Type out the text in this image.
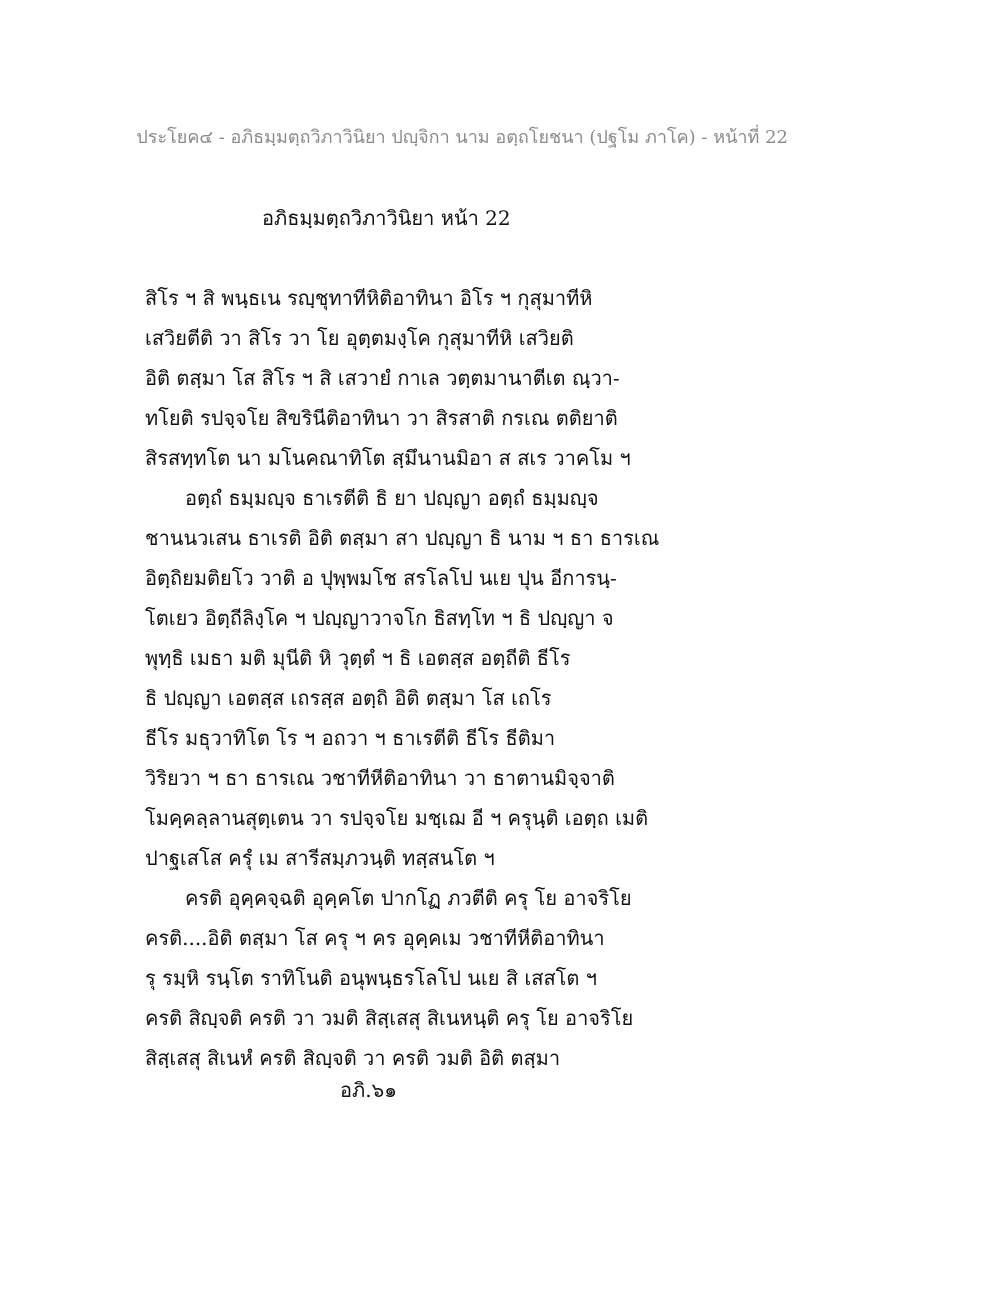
ประโยค๔ - อภิธมฺมตฺถวิภาวินิยา ปญฺจิกา นาม อตฺถโยชนา (ปฐโม ภาโค) - หน้าที่ 22
อภิธมฺมตฺถวิภาวินิยา หน้า 22
สิโร ฯ สิ พนฺธเน รญฺชุทาทีหิติอาทินา อิโร ฯ กุสุมาทีหิ
เสวิยตีติ วา สิโร วา โย อุตฺตมงฺโค กุสุมาทีหิ เสวิยติ
อิติ ตสฺมา โส สิโร ฯ สิ เสวายํ กาเล วตฺตมานาตีเต ณฺวา-
ทโยติ รปจฺจโย สิขรินีติอาทินา วา สิรสาติ กรเณ ตติยาติ
สิรสทฺทโต นา มโนคณาทิโต สฺมึนานมิอา ส สเร วาคโม ฯ
อตฺถํ ธมฺมญฺจ ธาเรตีติ ธิ ยา ปญฺญา อตฺถํ ธมฺมญฺจ
ชานนวเสน ธาเรติ อิติ ตสฺมา สา ปญฺญา ธิ นาม ฯ ธา ธารเณ
อิตฺถิยมติยโว วาติ อ ปุพฺพมโช สรโลโป นเย ปุน อีการนฺ-
โตเยว อิตฺถีลิงฺโค ฯ ปญฺญาวาจโก ธิสทฺโท ฯ ธิ ปญฺญา จ
พุทฺธิ เมธา มติ มุนีติ หิ วุตฺตํ ฯ ธิ เอตสฺส อตฺถีติ ธีโร
ธิ ปญฺญา เอตสฺส เถรสฺส อตฺถิ อิติ ตสฺมา โส เถโร
ธีโร มธุวาทิโต โร ฯ อถวา ฯ ธาเรตีติ ธีโร ธีติมา
วิริยวา ฯ ธา ธารเณ วชาทีหีติอาทินา วา ธาตานมิจฺจาติ
โมคฺคลฺลานสุตฺเตน วา รปจฺจโย มชฺเฌ อี ฯ ครุนฺติ เอตฺถ เมติ
ปาฐเสโส ครุํ เม สารีสมฺภวนฺติ ทสฺสนโต ฯ
ครติ อุคฺคจฺฉติ อุคฺคโต ปากโฏ ภวตีติ ครุ โย อาจริโย
ครติ....อิติ ตสฺมา โส ครุ ฯ คร อุคฺคเม วชาทีหีติอาทินา
รุ รมฺหิ รนฺโต ราทิโนติ อนุพนฺธรโลโป นเย สิ เสสโต ฯ
ครติ สิญฺจติ ครติ วา วมติ สิสฺเสสุ สิเนหนฺติ ครุ โย อาจริโย
สิสฺเสสุ สิเนหํ ครติ สิญฺจติ วา ครติ วมติ อิติ ตสฺมา
อภิ.๖๑
